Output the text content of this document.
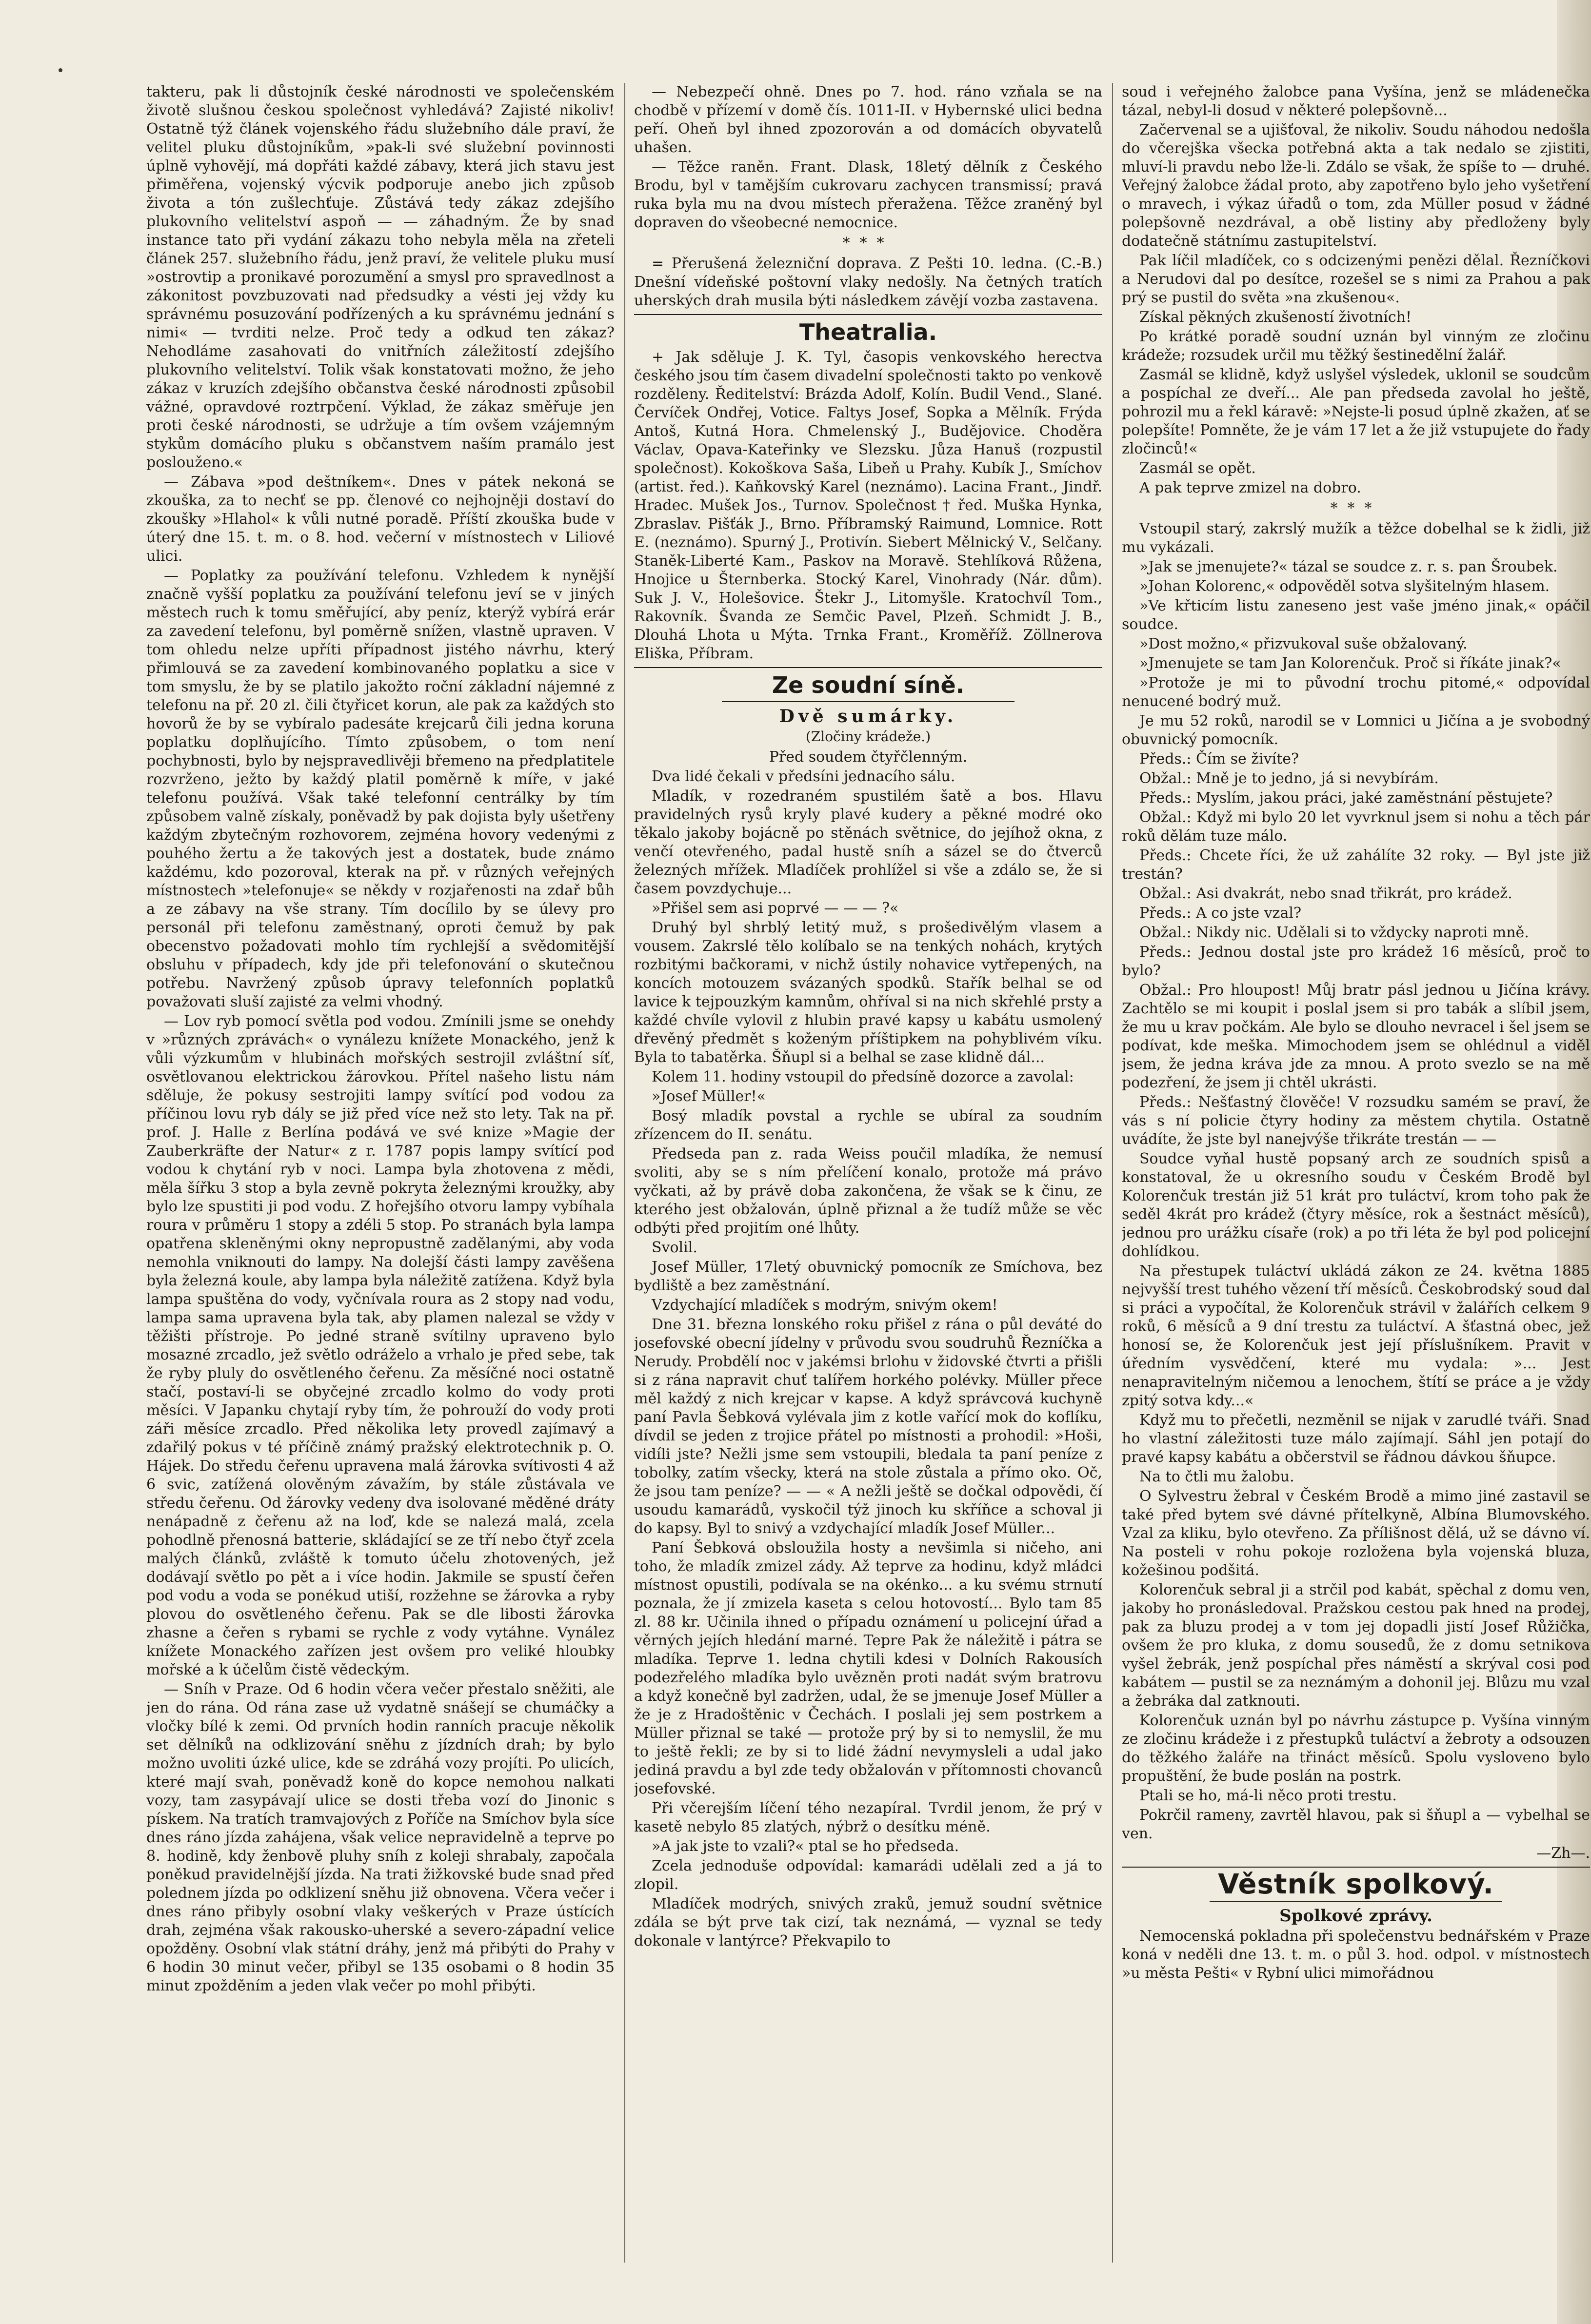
takteru, pak li důstojník české národnosti ve společenském životě slušnou českou společnost vyhledává? Zajisté nikoliv! Ostatně týž článek vojenského řádu služebního dále praví, že velitel pluku důstojníkům, »pak-li své služební povinnosti úplně vyhovějí, má dopřáti každé zábavy, která jich stavu jest přiměřena, vojenský výcvik podporuje anebo jich způsob života a tón zušlechťuje. Zůstává tedy zákaz zdejšího plukovního velitelství aspoň — — záhadným. Že by snad instance tato při vydání zákazu toho nebyla měla na zřeteli článek 257. služebního řádu, jenž praví, že velitele pluku musí »ostrovtip a pronikavé porozumění a smysl pro spravedlnost a zákonitost povzbuzovati nad předsudky a vésti jej vždy ku správnému posuzování podřízených a ku správnému jednání s nimi« — tvrditi nelze. Proč tedy a odkud ten zákaz? Nehodláme zasahovati do vnitřních záležitostí zdejšího plukovního velitelství. Tolik však konstatovati možno, že jeho zákaz v kruzích zdejšího občanstva české národnosti způsobil vážné, opravdové roztrpčení. Výklad, že zákaz směřuje jen proti české národnosti, se udržuje a tím ovšem vzájemným stykům domácího pluku s občanstvem naším pramálo jest poslouženo.«

— Zábava »pod deštníkem«. Dnes v pátek nekoná se zkouška, za to nechť se pp. členové co nejhojněji dostaví do zkoušky »Hlahol« k vůli nutné poradě. Příští zkouška bude v úterý dne 15. t. m. o 8. hod. večerní v místnostech v Liliové ulici.

— Poplatky za používání telefonu. Vzhledem k nynější značně vyšší poplatku za používání telefonu jeví se v jiných městech ruch k tomu směřující, aby peníz, kterýž vybírá erár za zavedení telefonu, byl poměrně snížen, vlastně upraven. V tom ohledu nelze upříti případnost jistého návrhu, který přimlouvá se za zavedení kombinovaného poplatku a sice v tom smyslu, že by se platilo jakožto roční základní nájemné z telefonu na př. 20 zl. čili čtyřicet korun, ale pak za každých sto hovorů že by se vybíralo padesáte krejcarů čili jedna koruna poplatku doplňujícího. Tímto způsobem, o tom není pochybnosti, bylo by nejspravedlivěji břemeno na předplatitele rozvrženo, ježto by každý platil poměrně k míře, v jaké telefonu používá. Však také telefonní centrálky by tím způsobem valně získaly, poněvadž by pak dojista byly ušetřeny každým zbytečným rozhovorem, zejména hovory vedenými z pouhého žertu a že takových jest a dostatek, bude známo každému, kdo pozoroval, kterak na př. v různých veřejných místnostech »telefonuje« se někdy v rozjařenosti na zdař bůh a ze zábavy na vše strany. Tím docílilo by se úlevy pro personál při telefonu zaměstnaný, oproti čemuž by pak obecenstvo požadovati mohlo tím rychlejší a svědomitější obsluhu v případech, kdy jde při telefonování o skutečnou potřebu. Navržený způsob úpravy telefonních poplatků považovati sluší zajisté za velmi vhodný.

— Lov ryb pomocí světla pod vodou. Zmínili jsme se onehdy v »různých zprávách« o vynálezu knížete Monackého, jenž k vůli výzkumům v hlubinách mořských sestrojil zvláštní síť, osvětlovanou elektrickou žárovkou. Přítel našeho listu nám sděluje, že pokusy sestrojiti lampy svítící pod vodou za příčinou lovu ryb dály se již před více než sto lety. Tak na př. prof. J. Halle z Berlína podává ve své knize »Magie der Zauberkräfte der Natur« z r. 1787 popis lampy svítící pod vodou k chytání ryb v noci. Lampa byla zhotovena z mědi, měla šířku 3 stop a byla zevně pokryta železnými kroužky, aby bylo lze spustiti ji pod vodu. Z hořejšího otvoru lampy vybíhala roura v průměru 1 stopy a zdéli 5 stop. Po stranách byla lampa opatřena skleněnými okny nepropustně zadělanými, aby voda nemohla vniknouti do lampy. Na dolejší části lampy zavěšena byla železná koule, aby lampa byla náležitě zatížena. Když byla lampa spuštěna do vody, vyčnívala roura as 2 stopy nad vodu, lampa sama upravena byla tak, aby plamen nalezal se vždy v těžišti přístroje. Po jedné straně svítilny upraveno bylo mosazné zrcadlo, jež světlo odráželo a vrhalo je před sebe, tak že ryby pluly do osvětleného čeřenu. Za měsíčné noci ostatně stačí, postaví-li se obyčejné zrcadlo kolmo do vody proti měsíci. V Japanku chytají ryby tím, že pohrouží do vody proti záři měsíce zrcadlo. Před několika lety provedl zajímavý a zdařilý pokus v té příčině známý pražský elektrotechnik p. O. Hájek. Do středu čeřenu upravena malá žárovka svítivosti 4 až 6 svic, zatížená olověným závažím, by stále zůstávala ve středu čeřenu. Od žárovky vedeny dva isolované měděné dráty nenápadně z čeřenu až na loď, kde se nalezá malá, zcela pohodlně přenosná batterie, skládající se ze tří nebo čtyř zcela malých článků, zvláště k tomuto účelu zhotovených, jež dodávají světlo po pět a i více hodin. Jakmile se spustí čeřen pod vodu a voda se ponékud utiší, rozžehne se žárovka a ryby plovou do osvětleného čeřenu. Pak se dle libosti žárovka zhasne a čeřen s rybami se rychle z vody vytáhne. Vynález knížete Monackého zařízen jest ovšem pro veliké hloubky mořské a k účelům čistě vědeckým.

— Sníh v Praze. Od 6 hodin včera večer přestalo sněžiti, ale jen do rána. Od rána zase už vydatně snášejí se chumáčky a vločky bílé k zemi. Od prvních hodin ranních pracuje několik set dělníků na odklizování sněhu z jízdních drah; by bylo možno uvoliti úzké ulice, kde se zdráhá vozy projíti. Po ulicích, které mají svah, poněvadž koně do kopce nemohou nalkati vozy, tam zasypávají ulice se dosti třeba vozí do Jinonic s pískem. Na tratích tramvajových z Poříče na Smíchov byla síce dnes ráno jízda zahájena, však velice nepravidelně a teprve po 8. hodině, kdy ženbově pluhy sníh z koleji shrabaly, započala poněkud pravidelnější jízda. Na trati žižkovské bude snad před polednem jízda po odklizení sněhu již obnovena. Včera večer i dnes ráno přibyly osobní vlaky veškerých v Praze ústících drah, zejména však rakousko-uherské a severo-západní velice opožděny. Osobní vlak státní dráhy, jenž má přibýti do Prahy v 6 hodin 30 minut večer, přibyl se 135 osobami o 8 hodin 35 minut zpožděním a jeden vlak večer po mohl přibýti.

— Nebezpečí ohně. Dnes po 7. hod. ráno vzňala se na chodbě v přízemí v domě čís. 1011-II. v Hybernské ulici bedna peří. Oheň byl ihned zpozorován a od domácích obyvatelů uhašen.

— Těžce raněn. Frant. Dlask, 18letý dělník z Českého Brodu, byl v tamějším cukrovaru zachycen transmissí; pravá ruka byla mu na dvou místech přeražena. Těžce zraněný byl dopraven do všeobecné nemocnice.

***

= Přerušená železniční doprava. Z Pešti 10. ledna. (C.-B.) Dnešní vídeňské poštovní vlaky nedošly. Na četných tratích uherských drah musila býti následkem závějí vozba zastavena.

Theatralia.

+ Jak sděluje J. K. Tyl, časopis venkovského herectva českého jsou tím časem divadelní společnosti takto po venkově rozděleny. Ředitelství: Brázda Adolf, Kolín. Budil Vend., Slané. Červíček Ondřej, Votice. Faltys Josef, Sopka a Mělník. Frýda Antoš, Kutná Hora. Chmelenský J., Budějovice. Choděra Václav, Opava-Kateřinky ve Slezsku. Jůza Hanuš (rozpustil společnost). Kokoškova Saša, Libeň u Prahy. Kubík J., Smíchov (artist. řed.). Kaňkovský Karel (neznámo). Lacina Frant., Jindř. Hradec. Mušek Jos., Turnov. Společnost † řed. Muška Hynka, Zbraslav. Pišťák J., Brno. Příbramský Raimund, Lomnice. Rott E. (neznámo). Spurný J., Protivín. Siebert Mělnický V., Selčany. Staněk-Liberté Kam., Paskov na Moravě. Stehlíková Růžena, Hnojice u Šternberka. Stocký Karel, Vinohrady (Nár. dům). Suk J. V., Holešovice. Štekr J., Litomyšle. Kratochvíl Tom., Rakovník. Švanda ze Semčic Pavel, Plzeň. Schmidt J. B., Dlouhá Lhota u Mýta. Trnka Frant., Kroměříž. Zöllnerova Eliška, Příbram.

Ze soudní síně.
Dvě sumárky.
(Zločiny krádeže.)

Před soudem čtyřčlenným.

Dva lidé čekali v předsíni jednacího sálu.

Mladík, v rozedraném spustilém šatě a bos. Hlavu pravidelných rysů kryly plavé kudery a pěkné modré oko těkalo jakoby bojácně po stěnách světnice, do jejíhož okna, z venčí otevřeného, padal hustě sníh a sázel se do čtverců železných mřížek. Mladíček prohlížel si vše a zdálo se, že si časem povzdychuje...

»Přišel sem asi poprvé — — — ?«

Druhý byl shrblý letitý muž, s prošedivělým vlasem a vousem. Zakrslé tělo kolíbalo se na tenkých nohách, krytých rozbitými bačkorami, v nichž ústily nohavice vytřepených, na koncích motouzem svázaných spodků. Stařík belhal se od lavice k tejpouzkým kamnům, ohříval si na nich skřehlé prsty a každé chvíle vylovil z hlubin pravé kapsy u kabátu usmolený dřevěný předmět s koženým příštipkem na pohyblivém víku. Byla to tabatěrka. Šňupl si a belhal se zase klidně dál...

Kolem 11. hodiny vstoupil do předsíně dozorce a zavolal:

»Josef Müller!«

Bosý mladík povstal a rychle se ubíral za soudním zřízencem do II. senátu.

Předseda pan z. rada Weiss poučil mladíka, že nemusí svoliti, aby se s ním přelíčení konalo, protože má právo vyčkati, až by právě doba zakončena, že však se k činu, ze kterého jest obžalován, úplně přiznal a že tudíž může se věc odbýti před projitím oné lhůty.

Svolil.

Josef Müller, 17letý obuvnický pomocník ze Smíchova, bez bydliště a bez zaměstnání.

Vzdychající mladíček s modrým, snivým okem!

Dne 31. března lonského roku přišel z rána o půl deváté do josefovské obecní jídelny v průvodu svou soudruhů Řezníčka a Nerudy. Probdělí noc v jakémsi brlohu v židovské čtvrti a přišli si z rána napravit chuť talířem horkého polévky. Müller přece měl každý z nich krejcar v kapse. A když správcová kuchyně paní Pavla Šebková vylévala jim z kotle vařící mok do koflíku, dívdil se jeden z trojice přátel po místnosti a prohodil: »Hoši, vidíli jste? Nežli jsme sem vstoupili, bledala ta paní peníze z tobolky, zatím všecky, která na stole zůstala a přímo oko. Oč, že jsou tam peníze? — — « A nežli ještě se dočkal odpovědi, čí usoudu kamarádů, vyskočil týž jinoch ku skříňce a schoval ji do kapsy. Byl to snivý a vzdychající mladík Josef Müller...

Paní Šebková obsloužila hosty a nevšimla si ničeho, ani toho, že mladík zmizel zády. Až teprve za hodinu, když mládci místnost opustili, podívala se na okénko... a ku svému strnutí poznala, že jí zmizela kaseta s celou hotovostí... Bylo tam 85 zl. 88 kr. Učinila ihned o případu oznámení u policejní úřad a věrných jejích hledání marné. Tepre Pak že náležitě i pátra se mladíka. Teprve 1. ledna chytili kdesi v Dolních Rakousích podezřelého mladíka bylo uvězněn proti nadát svým bratrovu a když konečně byl zadržen, udal, že se jmenuje Josef Müller a že je z Hradoštěnic v Čechách. I poslali jej sem postrkem a Müller přiznal se také — protože prý by si to nemyslil, že mu to ještě řekli; ze by si to lidé žádní nevymysleli a udal jako jediná pravdu a byl zde tedy obžalován v přítomnosti chovanců josefovské.

Při včerejším líčení tého nezapíral. Tvrdil jenom, že prý v kasetě nebylo 85 zlatých, nýbrž o desítku méně.

»A jak jste to vzali?« ptal se ho předseda.

Zcela jednoduše odpovídal: kamarádi udělali zed a já to zlopil.

Mladíček modrých, snivých zraků, jemuž soudní světnice zdála se být prve tak cizí, tak neznámá, — vyznal se tedy dokonale v lantýrce? Překvapilo to

soud i veřejného žalobce pana Vyšína, jenž se mládenečka tázal, nebyl-li dosud v některé polepšovně...

Začervenal se a ujišťoval, že nikoliv. Soudu náhodou nedošla do včerejška všecka potřebná akta a tak nedalo se zjistiti, mluví-li pravdu nebo lže-li. Zdálo se však, že spíše to — druhé. Veřejný žalobce žádal proto, aby zapotřeno bylo jeho vyšetření o mravech, i výkaz úřadů o tom, zda Müller posud v žádné polepšovně nezdrával, a obě listiny aby předloženy byly dodatečně státnímu zastupitelství.

Pak líčil mladíček, co s odcizenými penězi dělal. Řezníčkovi a Nerudovi dal po desítce, rozešel se s nimi za Prahou a pak prý se pustil do světa »na zkušenou«.

Získal pěkných zkušeností životních!

Po krátké poradě soudní uznán byl vinným ze zločinu krádeže; rozsudek určil mu těžký šestinedělní žalář.

Zasmál se klidně, když uslyšel výsledek, uklonil se soudcům a pospíchal ze dveří... Ale pan předseda zavolal ho ještě, pohrozil mu a řekl káravě: »Nejste-li posud úplně zkažen, ať se polepšíte! Pomněte, že je vám 17 let a že již vstupujete do řady zločinců!«

Zasmál se opět.

A pak teprve zmizel na dobro.

***

Vstoupil starý, zakrslý mužík a těžce dobelhal se k židli, již mu vykázali.

»Jak se jmenujete?« tázal se soudce z. r. s. pan Šroubek.

»Johan Kolorenc,« odpověděl sotva slyšitelným hlasem.

»Ve křticím listu zaneseno jest vaše jméno jinak,« opáčil soudce.

»Dost možno,« přizvukoval suše obžalovaný.

»Jmenujete se tam Jan Kolorenčuk. Proč si říkáte jinak?«

»Protože je mi to původní trochu pitomé,« odpovídal nenucené bodrý muž.

Je mu 52 roků, narodil se v Lomnici u Jičína a je svobodný obuvnický pomocník.

Předs.: Čím se živíte?

Obžal.: Mně je to jedno, já si nevybírám.

Předs.: Myslím, jakou práci, jaké zaměstnání pěstujete?

Obžal.: Když mi bylo 20 let vyvrknul jsem si nohu a těch pár roků dělám tuze málo.

Předs.: Chcete říci, že už zahálíte 32 roky. — Byl jste již trestán?

Obžal.: Asi dvakrát, nebo snad třikrát, pro krádež.

Předs.: A co jste vzal?

Obžal.: Nikdy nic. Udělali si to vždycky naproti mně.

Předs.: Jednou dostal jste pro krádež 16 měsíců, proč to bylo?

Obžal.: Pro hloupost! Můj bratr pásl jednou u Jičína krávy. Zachtělo se mi koupit i poslal jsem si pro tabák a slíbil jsem, že mu u krav počkám. Ale bylo se dlouho nevracel i šel jsem se podívat, kde meška. Mimochodem jsem se ohlédnul a viděl jsem, že jedna kráva jde za mnou. A proto svezlo se na mě podezření, že jsem ji chtěl ukrásti.

Předs.: Nešťastný člověče! V rozsudku samém se praví, že vás s ní policie čtyry hodiny za městem chytila. Ostatně uvádíte, že jste byl nanejvýše třikráte trestán — —

Soudce vyňal hustě popsaný arch ze soudních spisů a konstatoval, že u okresního soudu v Českém Brodě byl Kolorenčuk trestán již 51 krát pro tuláctví, krom toho pak že seděl 4krát pro krádež (čtyry měsíce, rok a šestnáct měsíců), jednou pro urážku císaře (rok) a po tři léta že byl pod policejní dohlídkou.

Na přestupek tuláctví ukládá zákon ze 24. května 1885 nejvyšší trest tuhého vězení tří měsíců. Českobrodský soud dal si práci a vypočítal, že Kolorenčuk strávil v žalářích celkem 9 roků, 6 měsíců a 9 dní trestu za tuláctví. A šťastná obec, jež honosí se, že Kolorenčuk jest její příslušníkem. Pravit v úředním vysvědčení, které mu vydala: »... Jest nenapravitelným ničemou a lenochem, štítí se práce a je vždy zpitý sotva kdy...«

Když mu to přečetli, nezměnil se nijak v zarudlé tváři. Snad ho vlastní záležitosti tuze málo zajímají. Sáhl jen potají do pravé kapsy kabátu a občerstvil se řádnou dávkou šňupce.

Na to čtli mu žalobu.

O Sylvestru žebral v Českém Brodě a mimo jiné zastavil se také před bytem své dávné přítelkyně, Albína Blumovského. Vzal za kliku, bylo otevřeno. Za přílišnost dělá, už se dávno ví. Na posteli v rohu pokoje rozložena byla vojenská bluza, kožešinou podšitá.

Kolorenčuk sebral ji a strčil pod kabát, spěchal z domu ven, jakoby ho pronásledoval. Pražskou cestou pak hned na prodej, pak za bluzu prodej a v tom jej dopadli jistí Josef Růžička, ovšem že pro kluka, z domu sousedů, že z domu setnikova vyšel žebrák, jenž pospíchal přes náměstí a skrýval cosi pod kabátem — pustil se za neznámým a dohonil jej. Blůzu mu vzal a žebráka dal zatknouti.

Kolorenčuk uznán byl po návrhu zástupce p. Vyšína vinným ze zločinu krádeže i z přestupků tuláctví a žebroty a odsouzen do těžkého žaláře na třináct měsíců. Spolu vysloveno bylo propuštění, že bude poslán na postrk.

Ptali se ho, má-li něco proti trestu.

Pokrčil rameny, zavrtěl hlavou, pak si šňupl a — vybelhal se ven.

—Zh—.

Věstník spolkový.
Spolkové zprávy.

Nemocenská pokladna při společenstvu bednářském v Praze koná v neděli dne 13. t. m. o půl 3. hod. odpol. v místnostech »u města Pešti« v Rybní ulici mimořádnou
